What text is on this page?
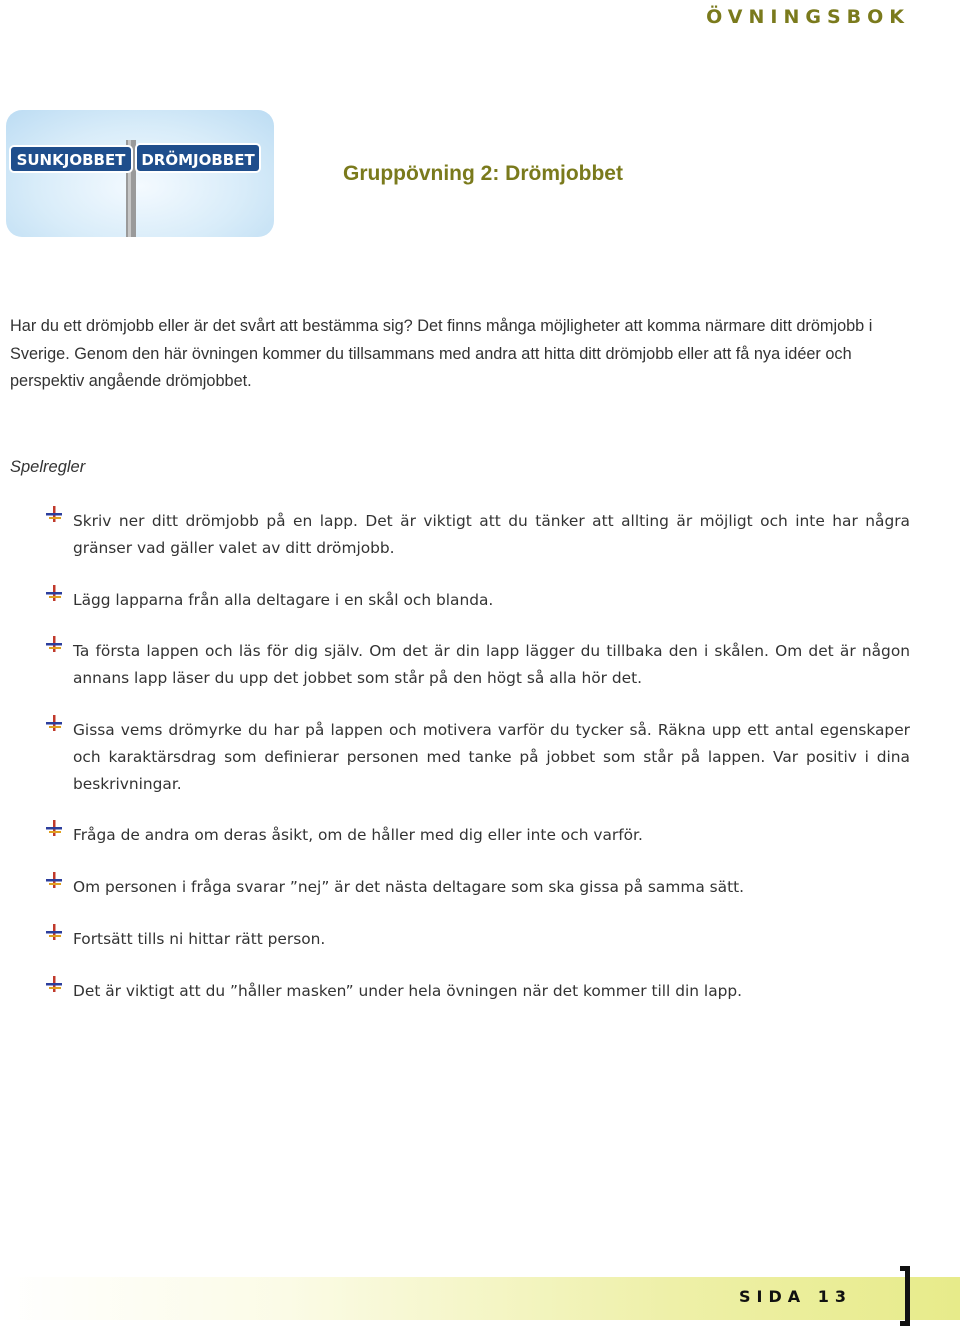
ÖVNINGSBOK
SUNKJOBBET DRÖMJOBBET
Gruppövning 2: Drömjobbet
Har du ett drömjobb eller är det svårt att bestämma sig? Det finns många möjligheter att komma närmare ditt drömjobb i Sverige. Genom den här övningen kommer du tillsammans med andra att hitta ditt drömjobb eller att få nya idéer och perspektiv angående drömjobbet.
Spelregler
Skriv ner ditt drömjobb på en lapp. Det är viktigt att du tänker att allting är möjligt och inte har några gränser vad gäller valet av ditt drömjobb.
Lägg lapparna från alla deltagare i en skål och blanda.
Ta första lappen och läs för dig själv. Om det är din lapp lägger du tillbaka den i skålen. Om det är någon annans lapp läser du upp det jobbet som står på den högt så alla hör det.
Gissa vems drömyrke du har på lappen och motivera varför du tycker så. Räkna upp ett antal egenskaper och karaktärsdrag som definierar personen med tanke på jobbet som står på lappen. Var positiv i dina beskrivningar.
Fråga de andra om deras åsikt, om de håller med dig eller inte och varför.
Om personen i fråga svarar ”nej” är det nästa deltagare som ska gissa på samma sätt.
Fortsätt tills ni hittar rätt person.
Det är viktigt att du ”håller masken” under hela övningen när det kommer till din lapp.
SIDA 13
